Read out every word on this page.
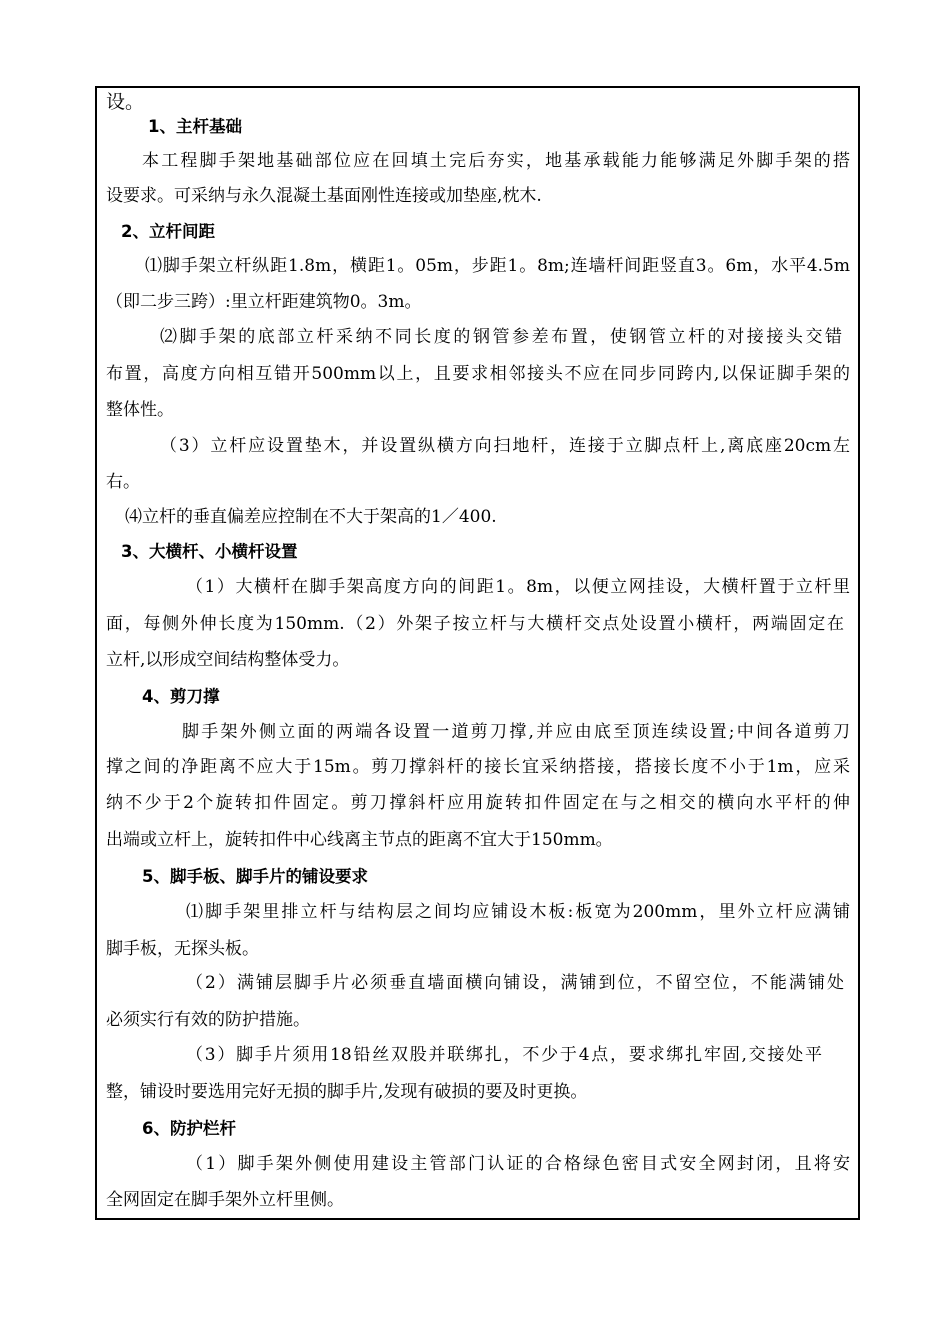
设。
1、主杆基础
本工程脚手架地基础部位应在回填土完后夯实，地基承载能力能够满足外脚手架的搭
设要求。可采纳与永久混凝土基面刚性连接或加垫座,枕木.
2、立杆间距
⑴脚手架立杆纵距1.8m，横距1。05m，步距1。8m;连墙杆间距竖直3。6m，水平4.5m
（即二步三跨）:里立杆距建筑物0。3m。
⑵脚手架的底部立杆采纳不同长度的钢管参差布置，使钢管立杆的对接接头交错
布置，高度方向相互错开500mm以上，且要求相邻接头不应在同步同跨内,以保证脚手架的
整体性。
（3）立杆应设置垫木，并设置纵横方向扫地杆，连接于立脚点杆上,离底座20cm左
右。
⑷立杆的垂直偏差应控制在不大于架高的1／400.
3、大横杆、小横杆设置
（1）大横杆在脚手架高度方向的间距1。8m，以便立网挂设，大横杆置于立杆里
面，每侧外伸长度为150mm.（2）外架子按立杆与大横杆交点处设置小横杆，两端固定在
立杆,以形成空间结构整体受力。
4、剪刀撑
脚手架外侧立面的两端各设置一道剪刀撑,并应由底至顶连续设置;中间各道剪刀
撑之间的净距离不应大于15m。剪刀撑斜杆的接长宜采纳搭接，搭接长度不小于1m，应采
纳不少于2个旋转扣件固定。剪刀撑斜杆应用旋转扣件固定在与之相交的横向水平杆的伸
出端或立杆上，旋转扣件中心线离主节点的距离不宜大于150mm。
5、脚手板、脚手片的铺设要求
⑴脚手架里排立杆与结构层之间均应铺设木板:板宽为200mm，里外立杆应满铺
脚手板，无探头板。
（2）满铺层脚手片必须垂直墙面横向铺设，满铺到位，不留空位，不能满铺处
必须实行有效的防护措施。
（3）脚手片须用18铅丝双股并联绑扎，不少于4点，要求绑扎牢固,交接处平
整，铺设时要选用完好无损的脚手片,发现有破损的要及时更换。
6、防护栏杆
（1）脚手架外侧使用建设主管部门认证的合格绿色密目式安全网封闭，且将安
全网固定在脚手架外立杆里侧。
